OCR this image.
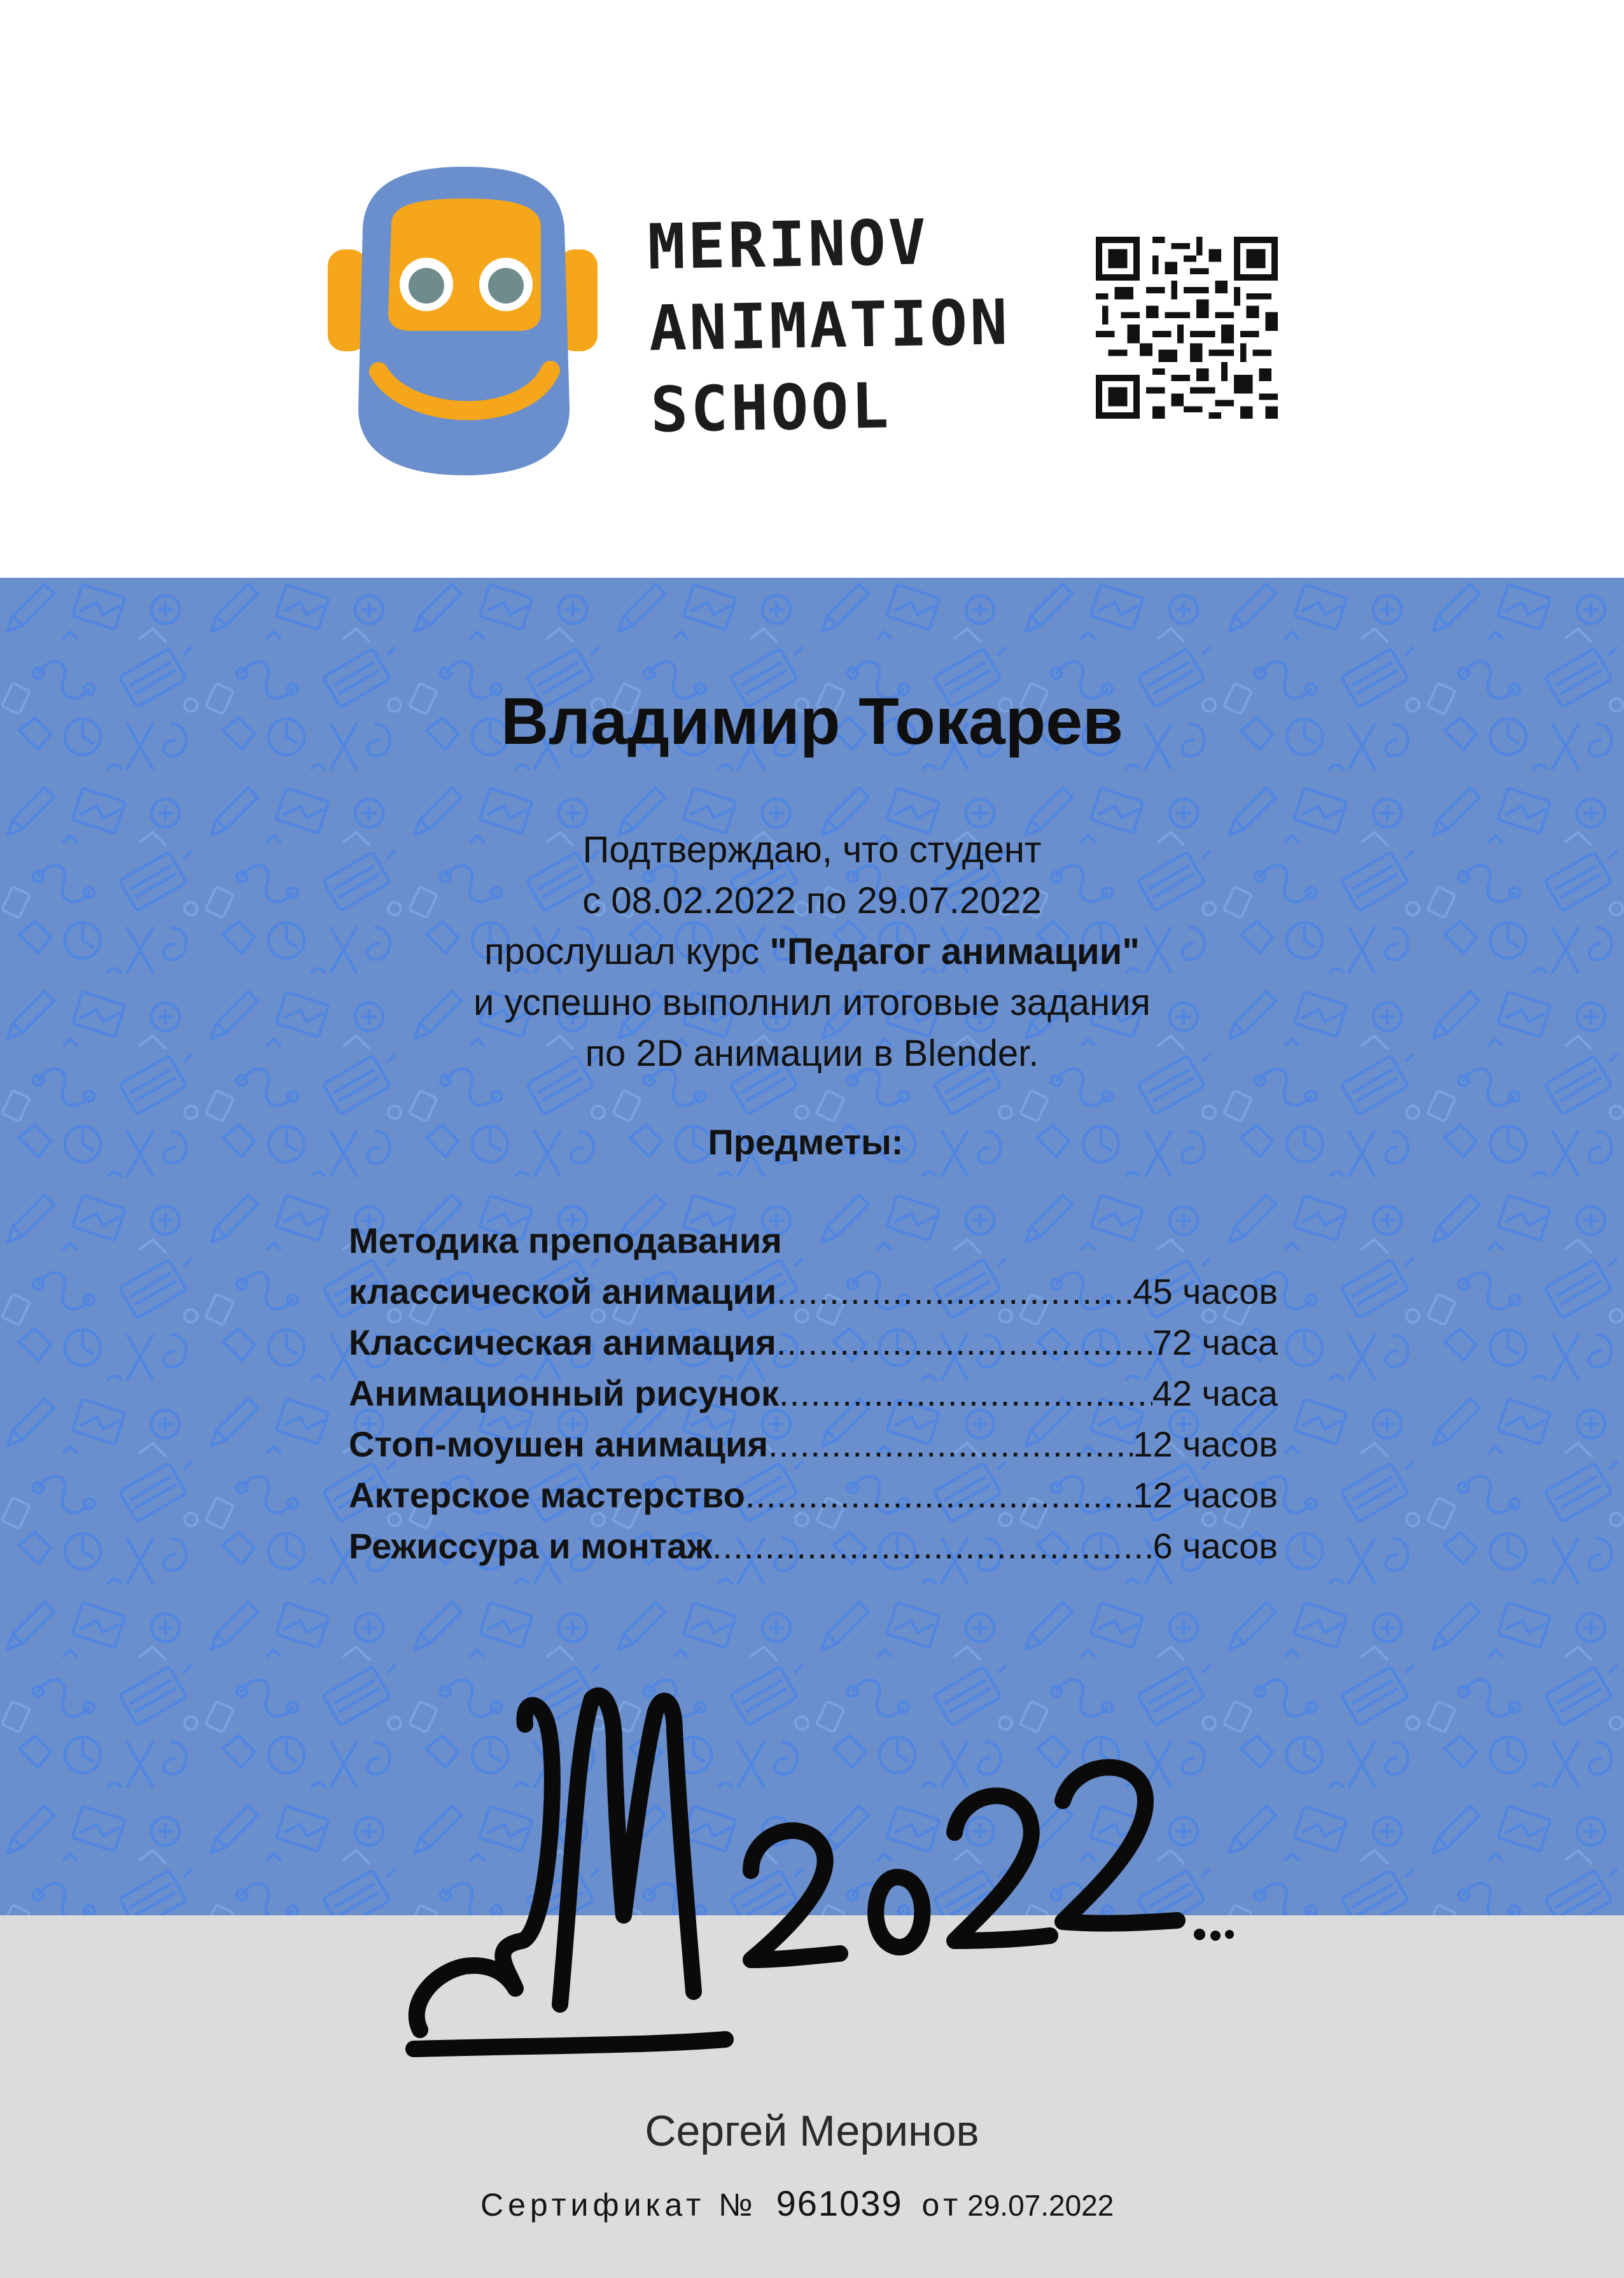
MERINOV
ANIMATION
SCHOOL
Владимир Токарев
Подтверждаю, что студент
с 08.02.2022 по 29.07.2022
прослушал курс "Педагог анимации"
и успешно выполнил итоговые задания
по 2D анимации в Blender.
Предметы:
Методика преподавания
классической анимации .....	45 часов
Классическая анимация .....	72 часа
Анимационный рисунок .....	42 часа
Стоп-моушен анимация .....	12 часов
Актерское мастерство .....	12 часов
Режиссура и монтаж .....	6 часов
Сергей Меринов
Сертификат № 961039 от 29.07.2022
